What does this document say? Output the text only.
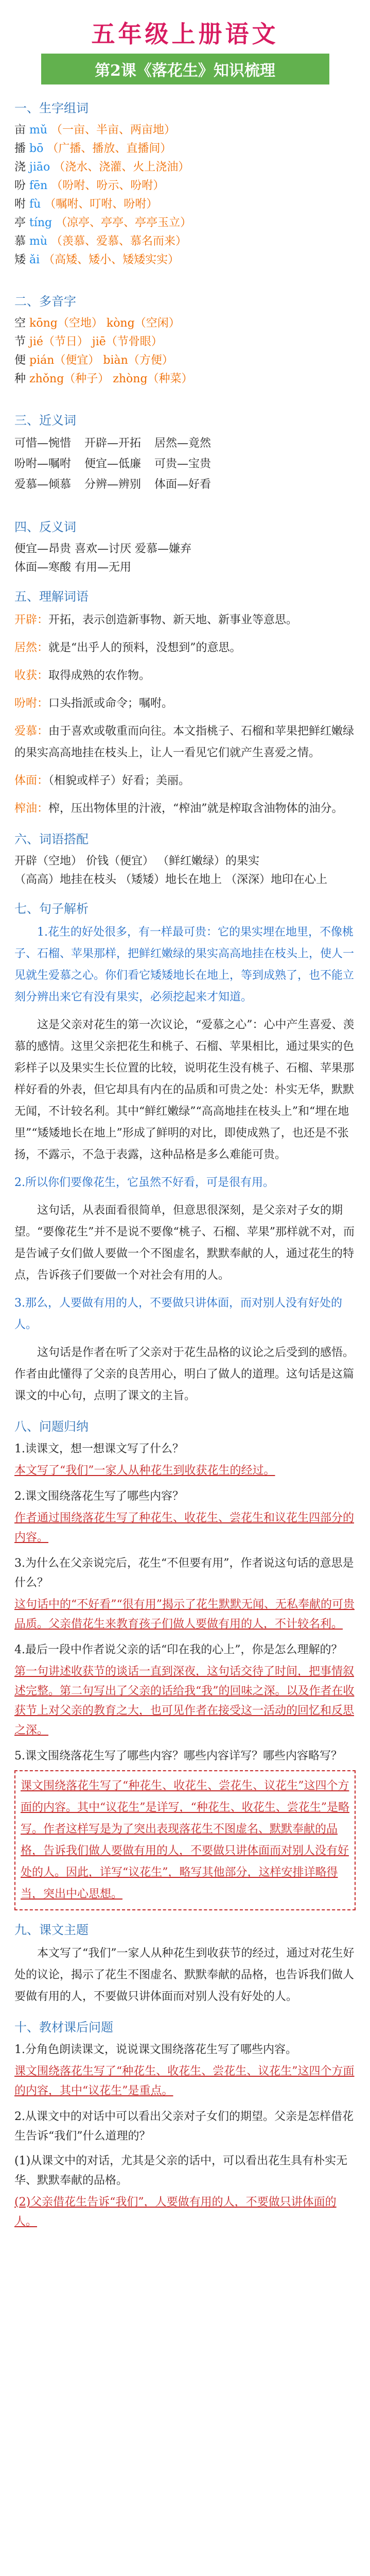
五年级上册语文
第2课《落花生》知识梳理
一、生字组词

亩 mǔ （一亩、半亩、两亩地）

播 bō （广播、播放、直播间）

浇 jiāo （浇水、浇灌、火上浇油）

吩 fēn （吩咐、吩示、吩咐）

咐 fù （嘱咐、叮咐、吩咐）

亭 tíng （凉亭、亭亭、亭亭玉立）

慕 mù （羡慕、爱慕、慕名而来）

矮 ǎi （高矮、矮小、矮矮实实）

二、多音字

空 kōng（空地） kòng（空闲）

节 jié（节日） jiē（节骨眼）

便 pián（便宜） biàn（方便）

种 zhǒng（种子） zhòng（种菜）

三、近义词
可惜—惋惜 开辟—开拓 居然—竟然
吩咐—嘱咐 便宜—低廉 可贵—宝贵
爱慕—倾慕 分辨—辨别 体面—好看
四、反义词

便宜—昂贵 喜欢—讨厌 爱慕—嫌弃

体面—寒酸 有用—无用

五、理解词语

开辟：开拓，表示创造新事物、新天地、新事业等意思。

居然：就是“出乎人的预料，没想到”的意思。

收获：取得成熟的农作物。

吩咐：口头指派或命令；嘱咐。

爱慕：由于喜欢或敬重而向往。本文指桃子、石榴和苹果把鲜红嫩绿的果实高高地挂在枝头上，让人一看见它们就产生喜爱之情。

体面：（相貌或样子）好看；美丽。

榨油：榨，压出物体里的汁液，“榨油”就是榨取含油物体的油分。

六、词语搭配

开辟（空地） 价钱（便宜） （鲜红嫩绿）的果实

（高高）地挂在枝头 （矮矮）地长在地上 （深深）地印在心上

七、句子解析

1.花生的好处很多，有一样最可贵：它的果实埋在地里，不像桃子、石榴、苹果那样，把鲜红嫩绿的果实高高地挂在枝头上，使人一见就生爱慕之心。你们看它矮矮地长在地上，等到成熟了，也不能立刻分辨出来它有没有果实，必须挖起来才知道。

这是父亲对花生的第一次议论，“爱慕之心”：心中产生喜爱、羡慕的感情。这里父亲把花生和桃子、石榴、苹果相比，通过果实的色彩样子以及果实生长位置的比较，说明花生没有桃子、石榴、苹果那样好看的外表，但它却具有内在的品质和可贵之处：朴实无华，默默无闻，不计较名利。其中“鲜红嫩绿”“高高地挂在枝头上”和“埋在地里”“矮矮地长在地上”形成了鲜明的对比，即使成熟了，也还是不张扬，不露示，不急于表露，这种品格是多么难能可贵。

2.所以你们要像花生，它虽然不好看，可是很有用。

这句话，从表面看很简单，但意思很深刻，是父亲对子女的期望。“要像花生”并不是说不要像“桃子、石榴、苹果”那样就不对，而是告诫子女们做人要做一个不图虚名，默默奉献的人，通过花生的特点，告诉孩子们要做一个对社会有用的人。

3.那么，人要做有用的人，不要做只讲体面，而对别人没有好处的人。

这句话是作者在听了父亲对于花生品格的议论之后受到的感悟。作者由此懂得了父亲的良苦用心，明白了做人的道理。这句话是这篇课文的中心句，点明了课文的主旨。

八、问题归纳

1.读课文，想一想课文写了什么？

本文写了“我们”一家人从种花生到收获花生的经过。

2.课文围绕落花生写了哪些内容？

作者通过围绕落花生写了种花生、收花生、尝花生和议花生四部分的内容。

3.为什么在父亲说完后，花生“不但要有用”，作者说这句话的意思是什么？

这句话中的“不好看”“很有用”揭示了花生默默无闻、无私奉献的可贵品质。父亲借花生来教育孩子们做人要做有用的人，不计较名利。

4.最后一段中作者说父亲的话“印在我的心上”，你是怎么理解的？

第一句讲述收获节的谈话一直到深夜，这句话交待了时间，把事情叙述完整。第二句写出了父亲的话给我“我”的回味之深。以及作者在收获节上对父亲的教育之大，也可见作者在接受这一活动的回忆和反思之深。

5.课文围绕落花生写了哪些内容？哪些内容详写？哪些内容略写？

课文围绕落花生写了“种花生、收花生、尝花生、议花生”这四个方面的内容。其中“议花生”是详写，“种花生、收花生、尝花生”是略写。作者这样写是为了突出表现落花生不图虚名、默默奉献的品格，告诉我们做人要做有用的人，不要做只讲体面而对别人没有好处的人。因此，详写“议花生”，略写其他部分，这样安排详略得当，突出中心思想。

九、课文主题

本文写了“我们”一家人从种花生到收获节的经过，通过对花生好处的议论，揭示了花生不图虚名、默默奉献的品格，也告诉我们做人要做有用的人，不要做只讲体面而对别人没有好处的人。

十、教材课后问题

1.分角色朗读课文，说说课文围绕落花生写了哪些内容。

课文围绕落花生写了“种花生、收花生、尝花生、议花生”这四个方面的内容，其中“议花生”是重点。

2.从课文中的对话中可以看出父亲对子女们的期望。父亲是怎样借花生告诉“我们”什么道理的？

(1)从课文中的对话，尤其是父亲的话中，可以看出花生具有朴实无华、默默奉献的品格。

(2)父亲借花生告诉“我们”，人要做有用的人，不要做只讲体面的人。
